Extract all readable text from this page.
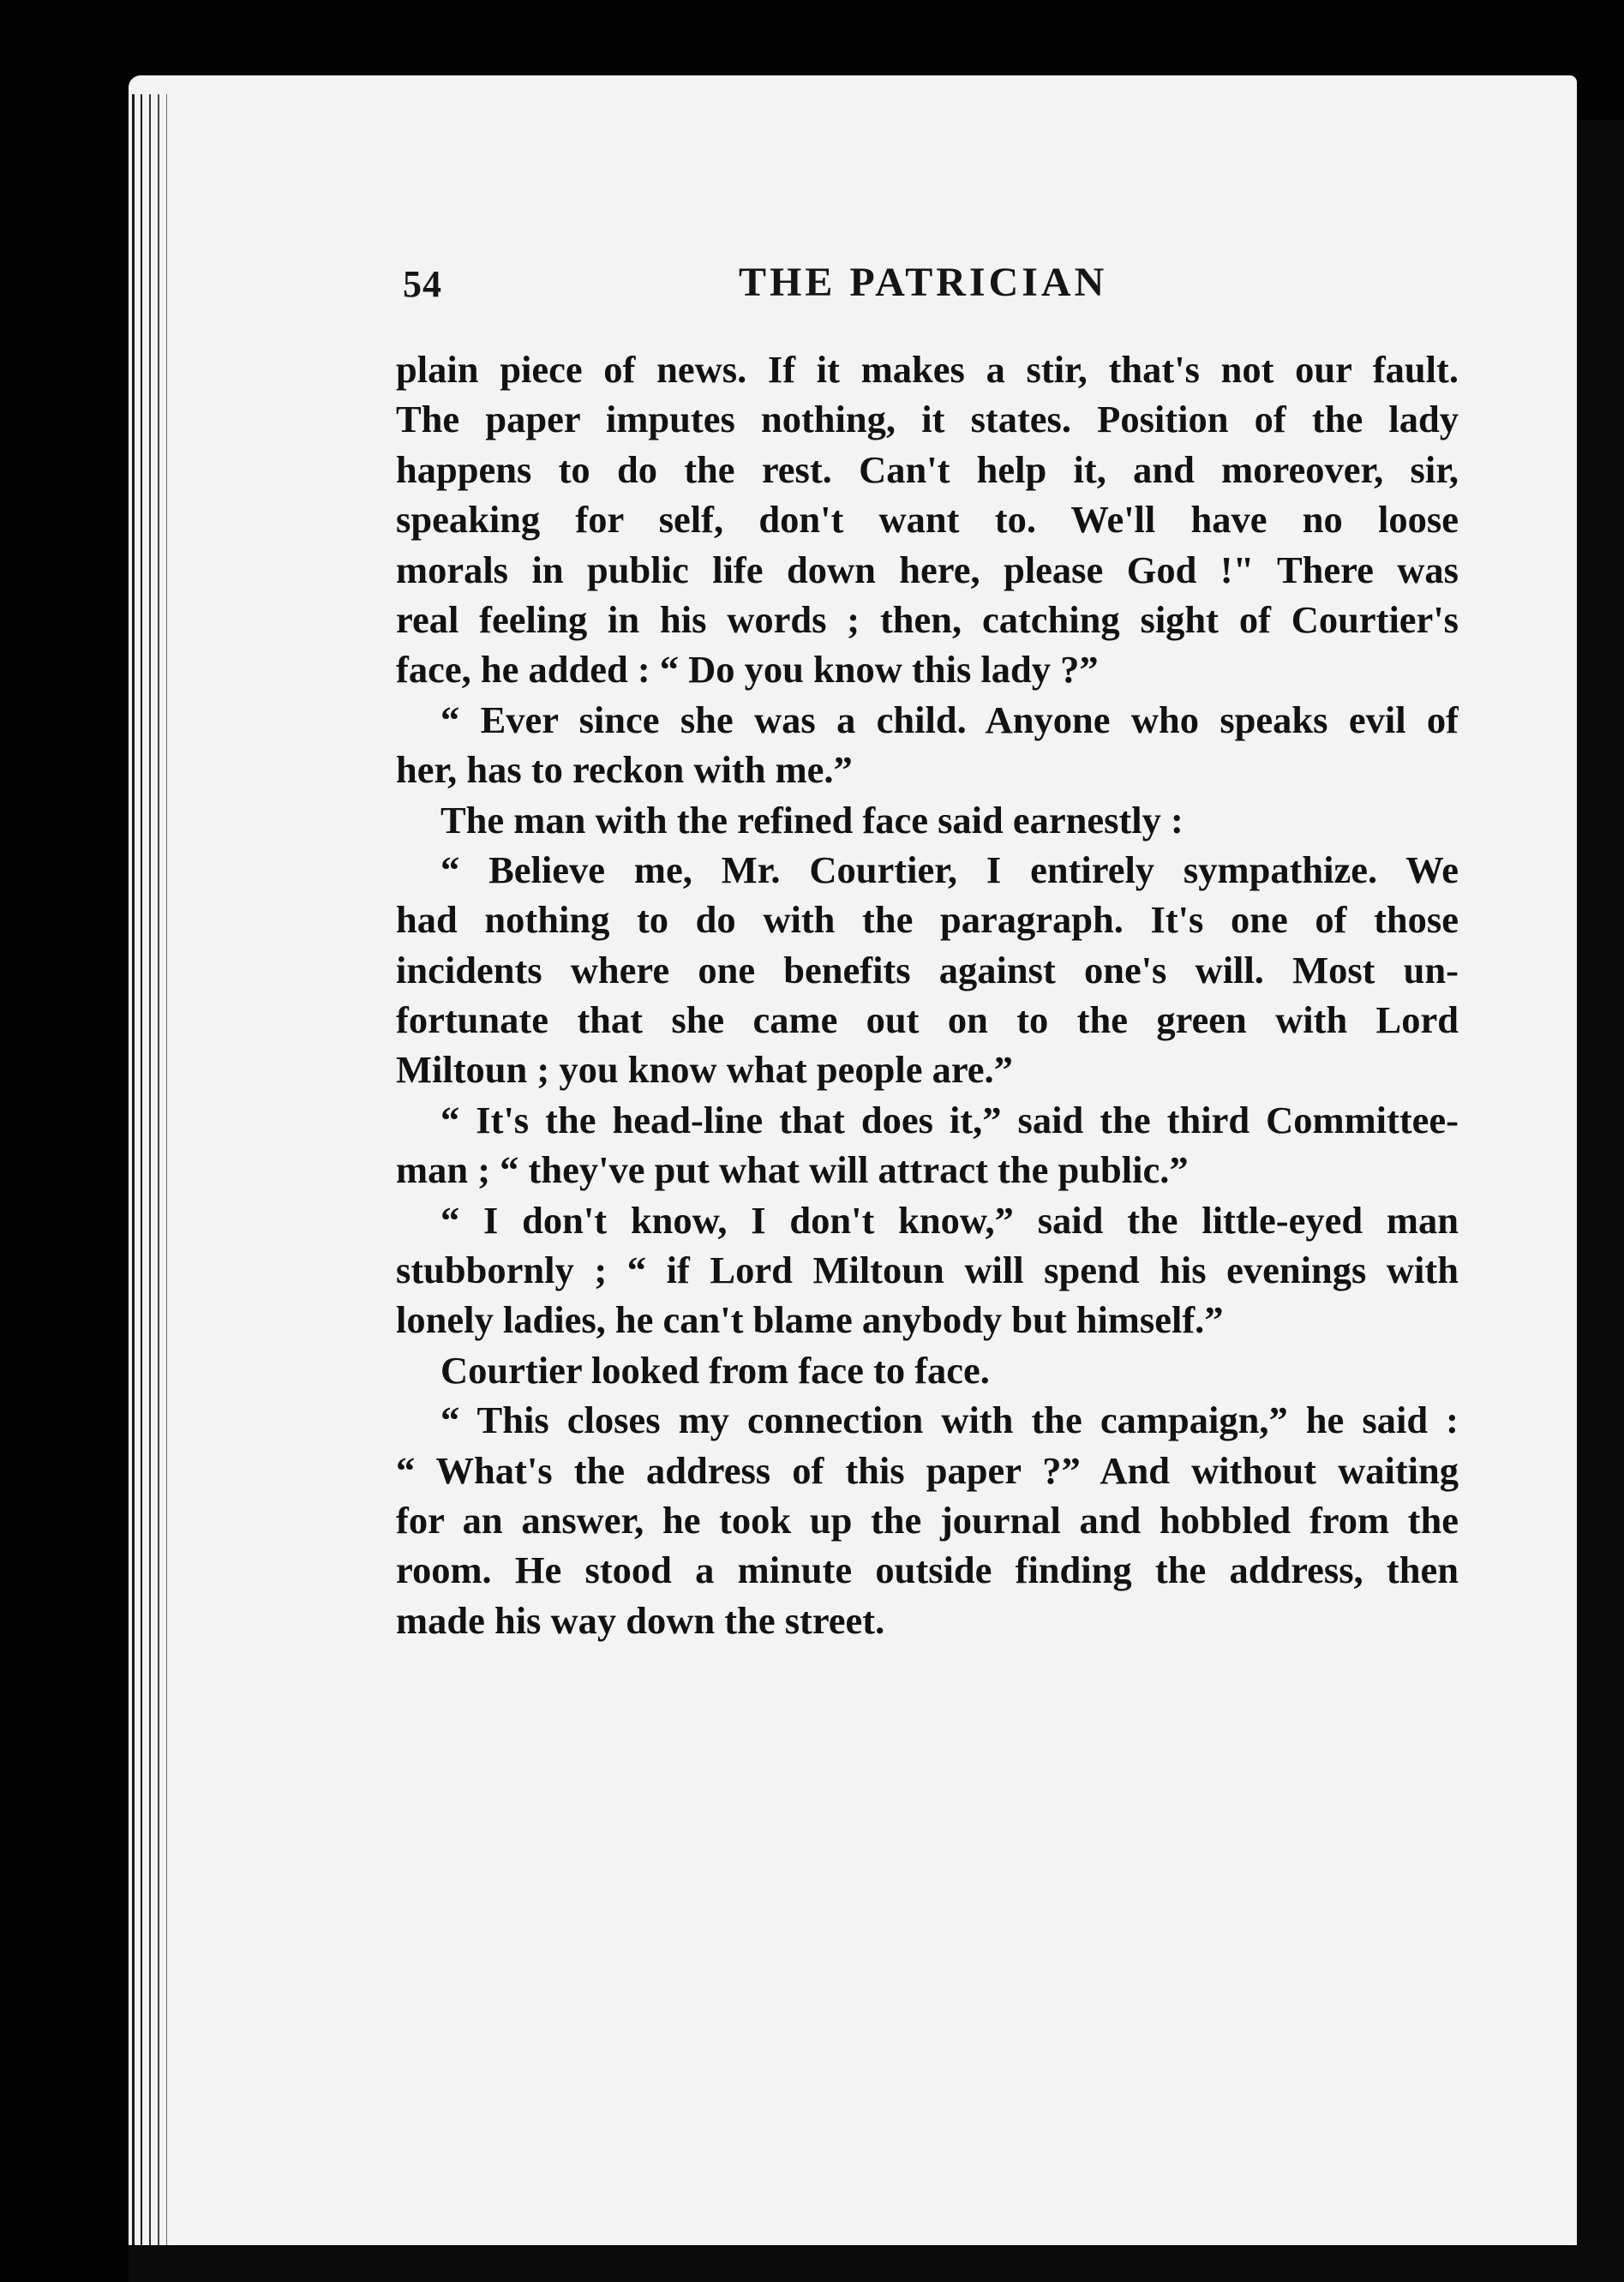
54	THE PATRICIAN
plain piece of news. If it makes a stir, that's not our fault.
The paper imputes nothing, it states. Position of the lady
happens to do the rest. Can't help it, and moreover, sir,
speaking for self, don't want to. We'll have no loose
morals in public life down here, please God !" There was
real feeling in his words ; then, catching sight of Courtier's
face, he added : “ Do you know this lady ?”
“ Ever since she was a child. Anyone who speaks evil of
her, has to reckon with me.”
The man with the refined face said earnestly :
“ Believe me, Mr. Courtier, I entirely sympathize. We
had nothing to do with the paragraph. It's one of those
incidents where one benefits against one's will. Most un-
fortunate that she came out on to the green with Lord
Miltoun ; you know what people are.”
“ It's the head-line that does it,” said the third Committee-
man ; “ they've put what will attract the public.”
“ I don't know, I don't know,” said the little-eyed man
stubbornly ; “ if Lord Miltoun will spend his evenings with
lonely ladies, he can't blame anybody but himself.”
Courtier looked from face to face.
“ This closes my connection with the campaign,” he said :
“ What's the address of this paper ?” And without waiting
for an answer, he took up the journal and hobbled from the
room. He stood a minute outside finding the address, then
made his way down the street.
